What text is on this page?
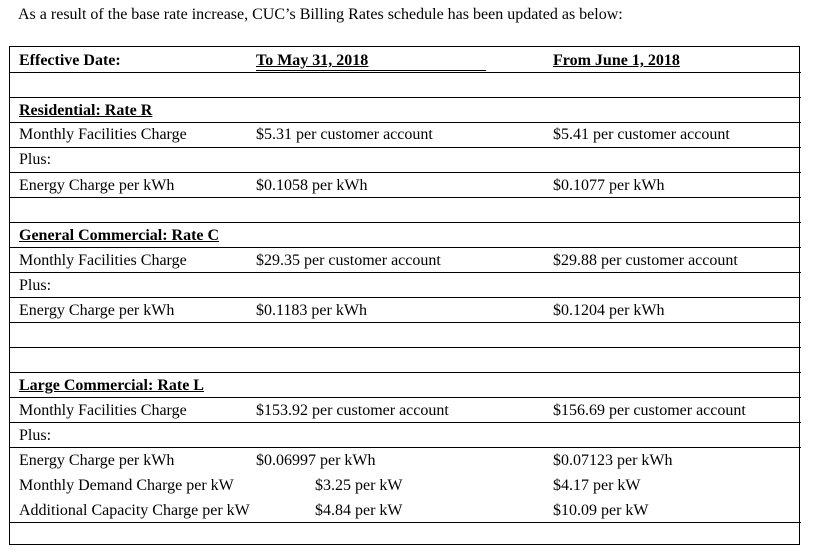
As a result of the base rate increase, CUC’s Billing Rates schedule has been updated as below:
Effective Date:	To May 31, 2018	From June 1, 2018
Residential: Rate R
Monthly Facilities Charge	$5.31 per customer account	$5.41 per customer account
Plus:
Energy Charge per kWh	$0.1058 per kWh	$0.1077 per kWh
General Commercial: Rate C
Monthly Facilities Charge	$29.35 per customer account	$29.88 per customer account
Plus:
Energy Charge per kWh	$0.1183 per kWh	$0.1204 per kWh
Large Commercial: Rate L
Monthly Facilities Charge	$153.92 per customer account	$156.69 per customer account
Plus:
Energy Charge per kWh	$0.06997 per kWh	$0.07123 per kWh
Monthly Demand Charge per kW	$3.25 per kW	$4.17 per kW
Additional Capacity Charge per kW	$4.84 per kW	$10.09 per kW
